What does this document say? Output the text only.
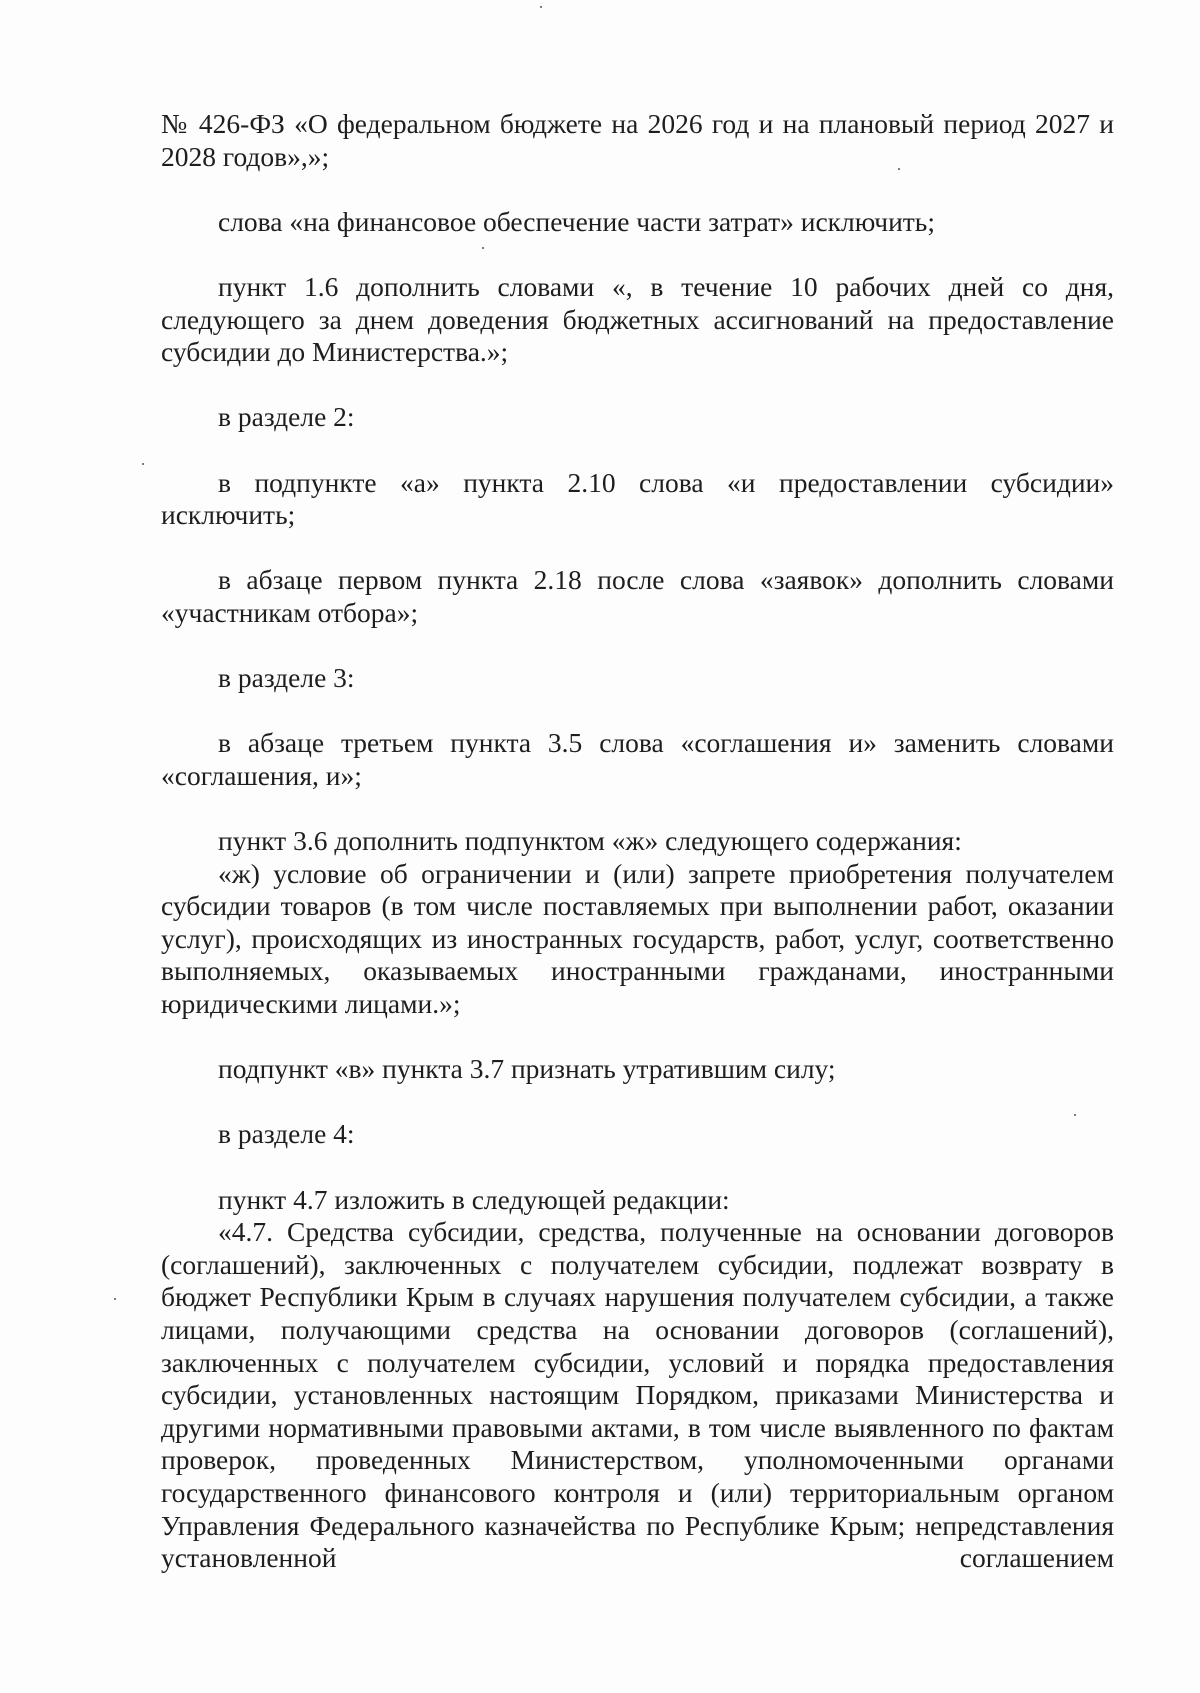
№ 426-ФЗ «О федеральном бюджете на 2026 год и на плановый период 2027 и 2028 годов»,»;

слова «на финансовое обеспечение части затрат» исключить;

пункт 1.6 дополнить словами «, в течение 10 рабочих дней со дня, следующего за днем доведения бюджетных ассигнований на предоставление субсидии до Министерства.»;

в разделе 2:

в подпункте «а» пункта 2.10 слова «и предоставлении субсидии» исключить;

в абзаце первом пункта 2.18 после слова «заявок» дополнить словами «участникам отбора»;

в разделе 3:

в абзаце третьем пункта 3.5 слова «соглашения и» заменить словами «соглашения, и»;

пункт 3.6 дополнить подпунктом «ж» следующего содержания:

«ж) условие об ограничении и (или) запрете приобретения получателем субсидии товаров (в том числе поставляемых при выполнении работ, оказании услуг), происходящих из иностранных государств, работ, услуг, соответственно выполняемых, оказываемых иностранными гражданами, иностранными юридическими лицами.»;

подпункт «в» пункта 3.7 признать утратившим силу;

в разделе 4:

пункт 4.7 изложить в следующей редакции:

«4.7. Средства субсидии, средства, полученные на основании договоров (соглашений), заключенных с получателем субсидии, подлежат возврату в бюджет Республики Крым в случаях нарушения получателем субсидии, а также лицами, получающими средства на основании договоров (соглашений), заключенных с получателем субсидии, условий и порядка предоставления субсидии, установленных настоящим Порядком, приказами Министерства и другими нормативными правовыми актами, в том числе выявленного по фактам проверок, проведенных Министерством, уполномоченными органами государственного финансового контроля и (или) территориальным органом Управления Федерального казначейства по Республике Крым; непредставления установленной соглашением
